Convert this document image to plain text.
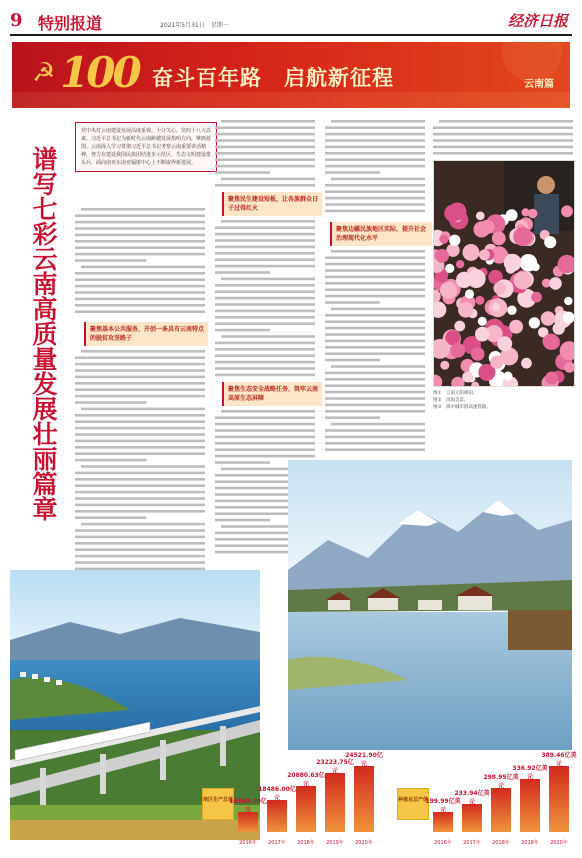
9 特别报道	2021年5月31日　星期一	经济日报
☭ 100 奋斗百年路　启航新征程	云南篇
谱写七彩云南高质量发展壮丽篇章
党中央对云南建设发展高度重视。十分关心。党的十八大以来，习近平总书记为新时代云南跨越发展指明方向，擘画蓝图。云南深入学习贯彻习近平总书记考察云南重要讲话精神，努力在建设我国民族团结进步示范区、生态文明建设排头兵、面向南亚东南亚辐射中心上不断取得新进展。
聚焦基本公共服务，开创一条具有云南特点的脱贫攻坚路子
聚焦民生建设短板，让各族群众日子过得红火
聚焦生态安全战略任务，筑牢云南高原生态屏障
聚焦边疆民族地区实际，提升社会治理现代化水平
图①　云南元阳梯田。
图②　洱海美景。
图③　滇中城市群高速铁路。
地区生产总值
16369.00亿元
2016年
18486.00亿元
2017年
20880.63亿元
2018年
23223.75亿元
2019年
24521.90亿元
2020年
种植业总产值
199.99亿美元
2016年
233.94亿美元
2017年
298.95亿美元
2018年
336.92亿美元
2019年
389.46亿美元
2020年
